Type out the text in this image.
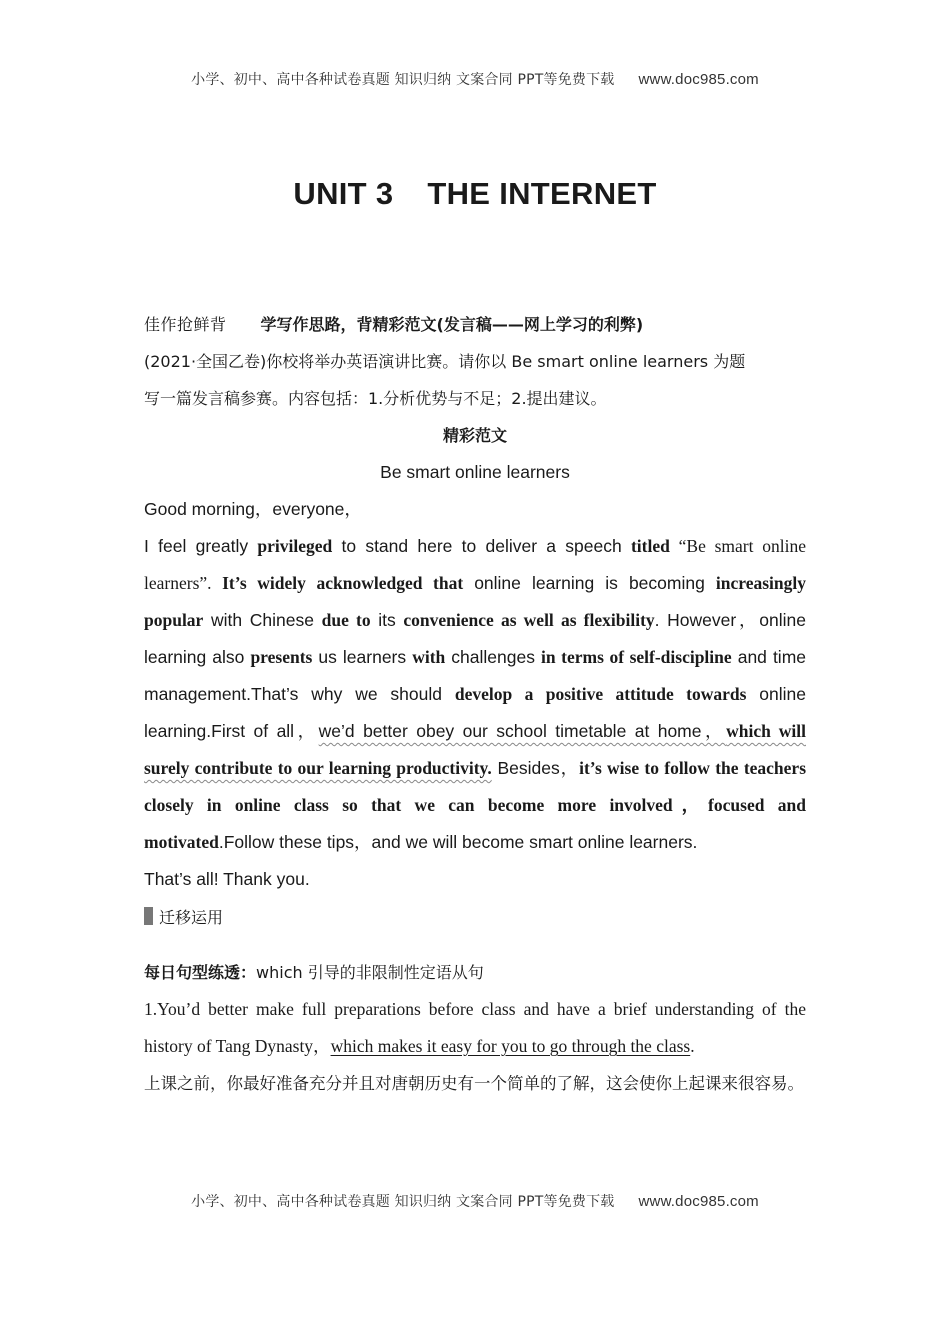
小学、初中、高中各种试卷真题 知识归纳 文案合同 PPT等免费下载 www.doc985.com
UNIT 3 THE INTERNET
佳作抢鲜背 学写作思路，背精彩范文(发言稿——网上学习的利弊)
(2021·全国乙卷)你校将举办英语演讲比赛。请你以 Be smart online learners 为题
写一篇发言稿参赛。内容包括：1.分析优势与不足；2.提出建议。
精彩范文
Be smart online learners

Good morning，everyone，

I feel greatly privileged to stand here to deliver a speech titled “Be smart online learners”. It’s widely acknowledged that online learning is becoming increasingly popular with Chinese due to its convenience as well as flexibility. However，online learning also presents us learners with challenges in terms of self-discipline and time management.That’s why we should develop a positive attitude towards online learning.First of all，we’d better obey our school timetable at home，which will surely contribute to our learning productivity. Besides，it’s wise to follow the teachers closely in online class so that we can become more involved，focused and motivated.Follow these tips，and we will become smart online learners.

That’s all! Thank you.

迁移运用
每日句型练透：which 引导的非限制性定语从句

1.You’d better make full preparations before class and have a brief understanding of the history of Tang Dynasty，which makes it easy for you to go through the class.

上课之前，你最好准备充分并且对唐朝历史有一个简单的了解，这会使你上起课来很容易。

小学、初中、高中各种试卷真题 知识归纳 文案合同 PPT等免费下载 www.doc985.com
